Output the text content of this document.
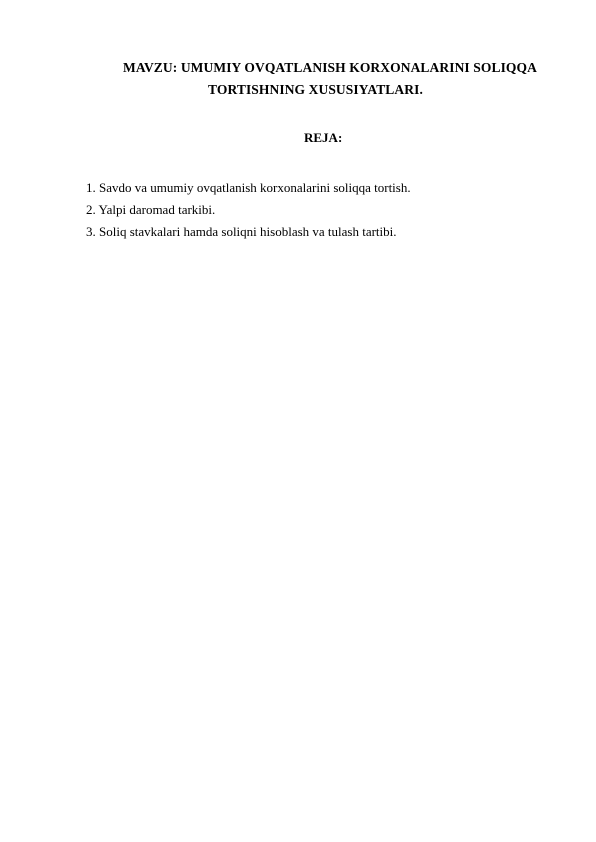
MAVZU: UMUMIY OVQATLANISH KORXONALARINI SOLIQQA
TORTISHNING XUSUSIYATLARI.
REJA:
1. Savdo va umumiy ovqatlanish korxonalarini soliqqa tortish.
2. Yalpi daromad tarkibi.
3. Soliq stavkalari hamda soliqni hisoblash va tulash tartibi.
